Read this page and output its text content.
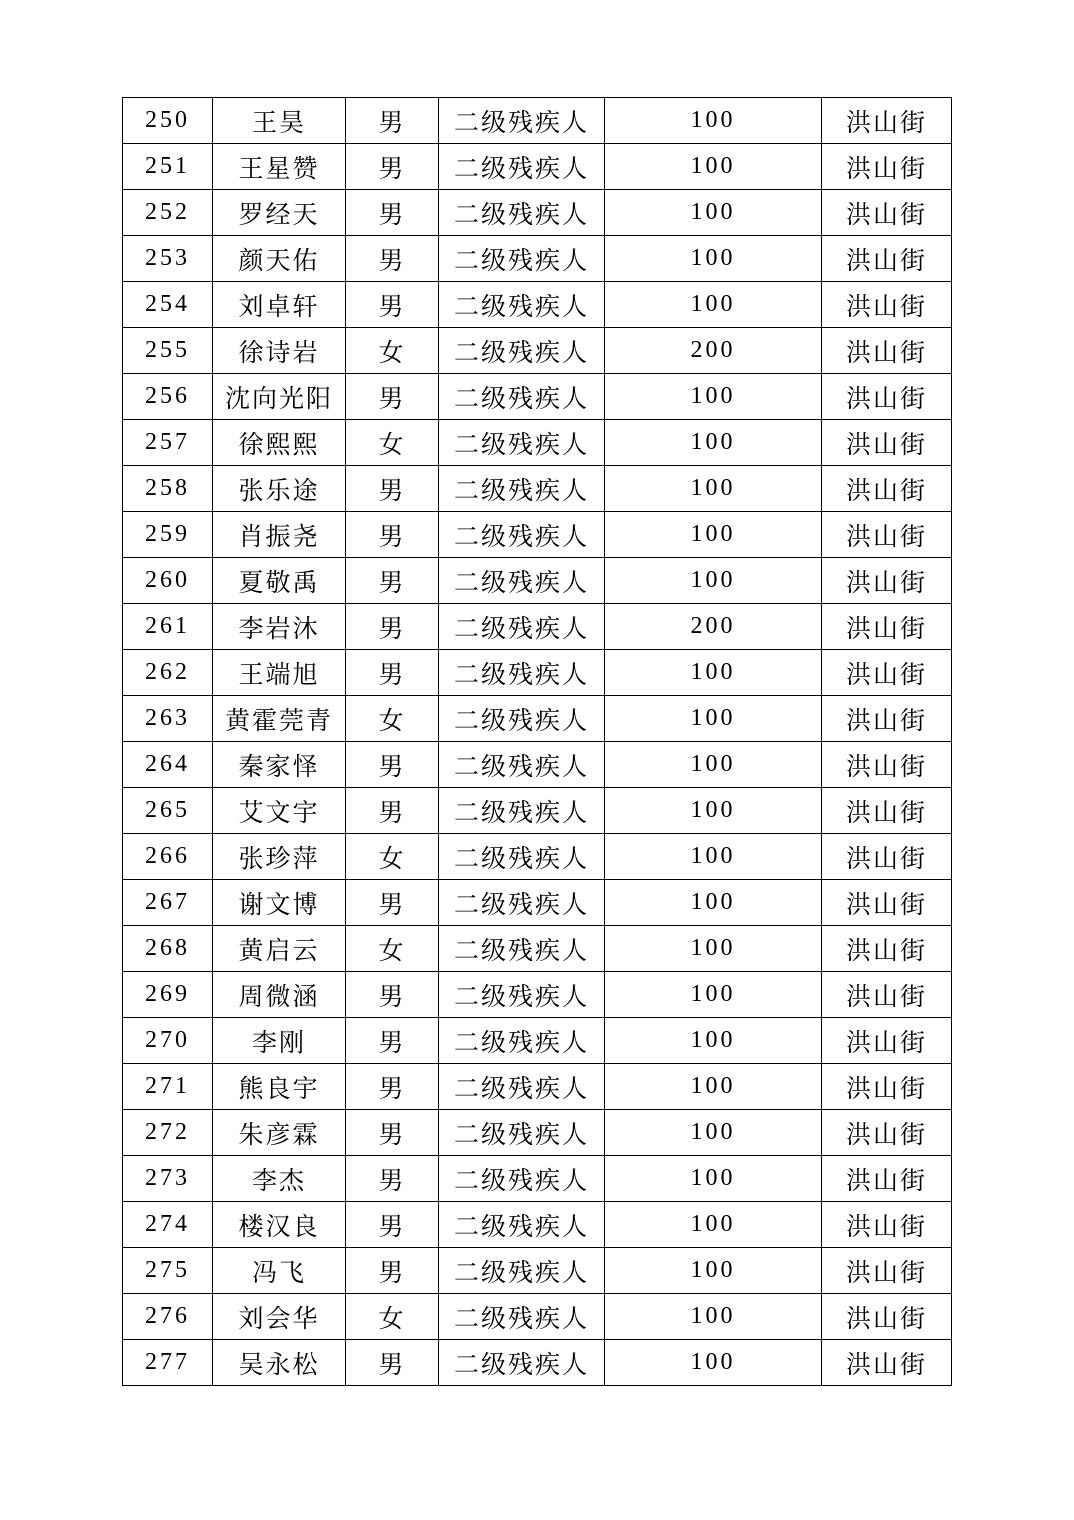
250	王昊	男	二级残疾人	100	洪山街
251	王星赞	男	二级残疾人	100	洪山街
252	罗经天	男	二级残疾人	100	洪山街
253	颜天佑	男	二级残疾人	100	洪山街
254	刘卓轩	男	二级残疾人	100	洪山街
255	徐诗岩	女	二级残疾人	200	洪山街
256	沈向光阳	男	二级残疾人	100	洪山街
257	徐熙熙	女	二级残疾人	100	洪山街
258	张乐途	男	二级残疾人	100	洪山街
259	肖振尧	男	二级残疾人	100	洪山街
260	夏敬禹	男	二级残疾人	100	洪山街
261	李岩沐	男	二级残疾人	200	洪山街
262	王端旭	男	二级残疾人	100	洪山街
263	黄霍莞青	女	二级残疾人	100	洪山街
264	秦家怿	男	二级残疾人	100	洪山街
265	艾文宇	男	二级残疾人	100	洪山街
266	张珍萍	女	二级残疾人	100	洪山街
267	谢文博	男	二级残疾人	100	洪山街
268	黄启云	女	二级残疾人	100	洪山街
269	周微涵	男	二级残疾人	100	洪山街
270	李刚	男	二级残疾人	100	洪山街
271	熊良宇	男	二级残疾人	100	洪山街
272	朱彦霖	男	二级残疾人	100	洪山街
273	李杰	男	二级残疾人	100	洪山街
274	楼汉良	男	二级残疾人	100	洪山街
275	冯飞	男	二级残疾人	100	洪山街
276	刘会华	女	二级残疾人	100	洪山街
277	吴永松	男	二级残疾人	100	洪山街
